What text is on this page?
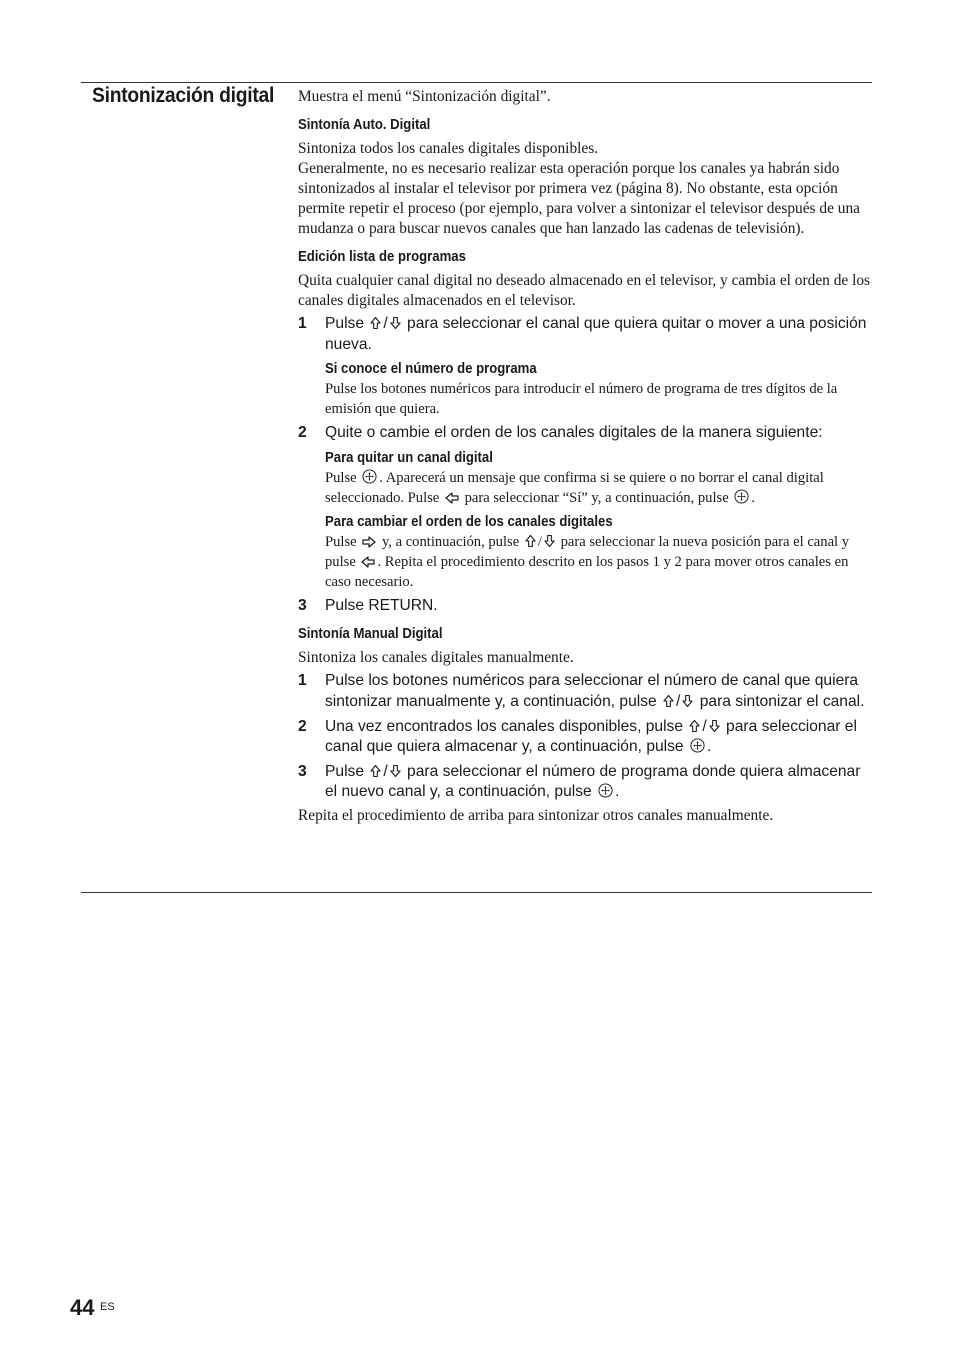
Sintonización digital Muestra el menú “Sintonización digital”.

Sintonía Auto. Digital

Sintoniza todos los canales digitales disponibles.

Generalmente, no es necesario realizar esta operación porque los canales ya habrán sido sintonizados al instalar el televisor por primera vez (página 8). No obstante, esta opción permite repetir el proceso (por ejemplo, para volver a sintonizar el televisor después de una mudanza o para buscar nuevos canales que han lanzado las cadenas de televisión).

Edición lista de programas

Quita cualquier canal digital no deseado almacenado en el televisor, y cambia el orden de los canales digitales almacenados en el televisor.

1 Pulse / para seleccionar el canal que quiera quitar o mover a una posición nueva.

Si conoce el número de programa

Pulse los botones numéricos para introducir el número de programa de tres dígitos de la emisión que quiera.

2 Quite o cambie el orden de los canales digitales de la manera siguiente:

Para quitar un canal digital

Pulse . Aparecerá un mensaje que confirma si se quiere o no borrar el canal digital seleccionado. Pulse para seleccionar “Sí” y, a continuación, pulse .

Para cambiar el orden de los canales digitales

Pulse y, a continuación, pulse / para seleccionar la nueva posición para el canal y pulse . Repita el procedimiento descrito en los pasos 1 y 2 para mover otros canales en caso necesario.

3 Pulse RETURN.

Sintonía Manual Digital

Sintoniza los canales digitales manualmente.

1 Pulse los botones numéricos para seleccionar el número de canal que quiera sintonizar manualmente y, a continuación, pulse / para sintonizar el canal.

2 Una vez encontrados los canales disponibles, pulse / para seleccionar el canal que quiera almacenar y, a continuación, pulse .

3 Pulse / para seleccionar el número de programa donde quiera almacenar el nuevo canal y, a continuación, pulse .

Repita el procedimiento de arriba para sintonizar otros canales manualmente.

44 ES
